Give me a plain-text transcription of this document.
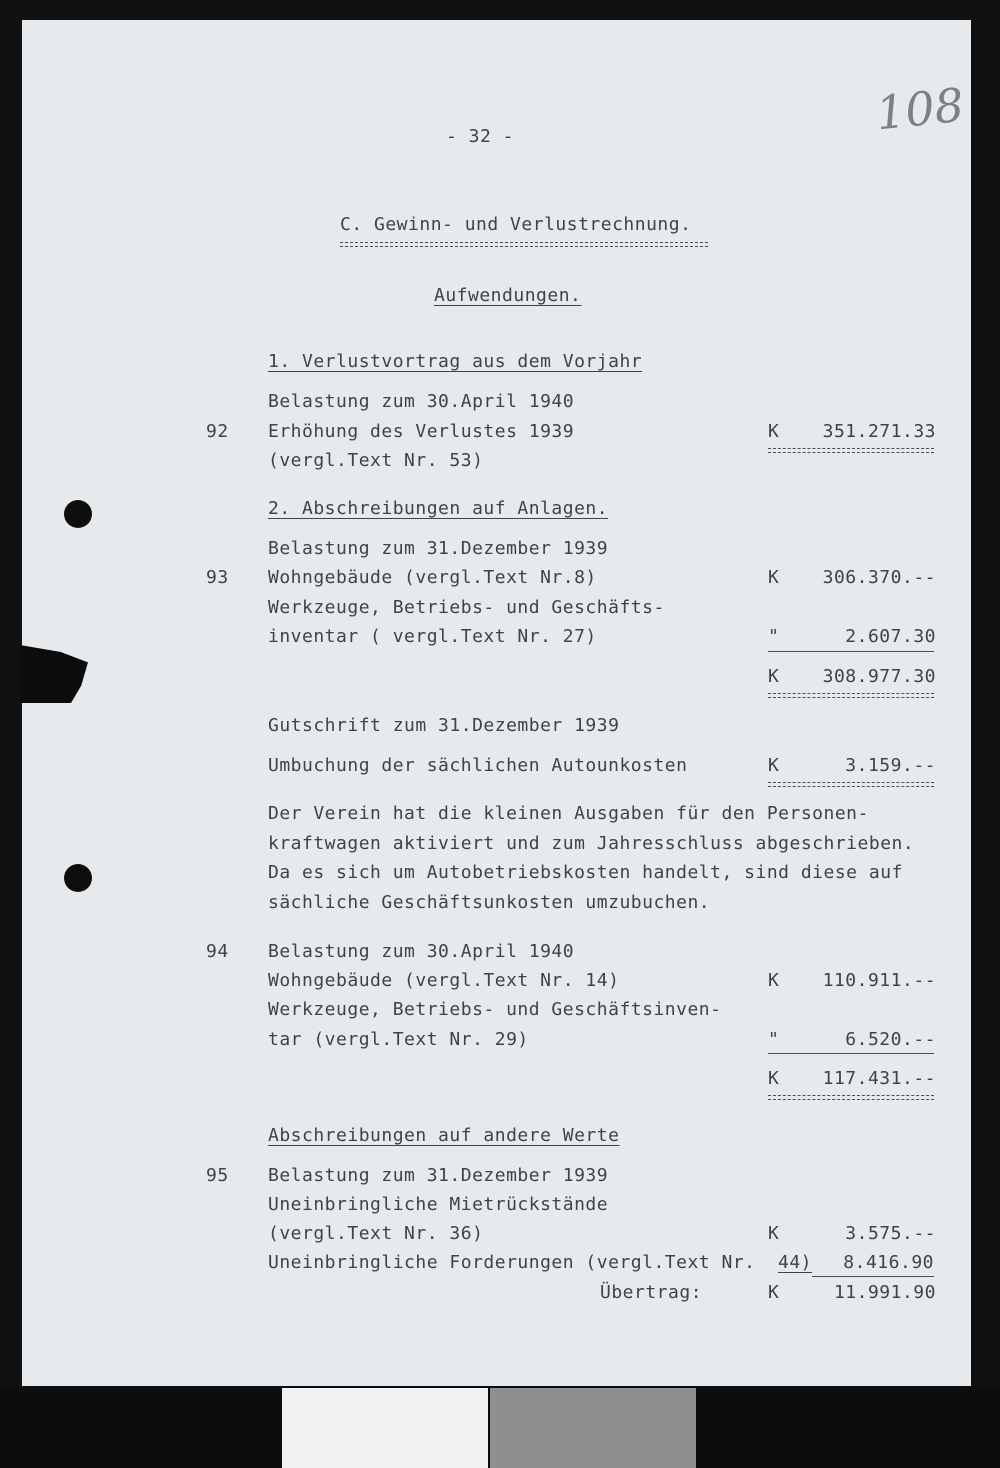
108
- 32 -
C. Gewinn- und Verlustrechnung.
Aufwendungen.
1. Verlustvortrag aus dem Vorjahr
Belastung zum 30.April 1940
92 Erhöhung des Verlustes 1939	K	351.271.33
(vergl.Text Nr. 53)
2. Abschreibungen auf Anlagen.
Belastung zum 31.Dezember 1939
93 Wohngebäude (vergl.Text Nr.8)	K	306.370.--
Werkzeuge, Betriebs- und Geschäfts-
inventar ( vergl.Text Nr. 27)	"	2.607.30
K	308.977.30
Gutschrift zum 31.Dezember 1939
Umbuchung der sächlichen Autounkosten	K	3.159.--
Der Verein hat die kleinen Ausgaben für den Personen-
kraftwagen aktiviert und zum Jahresschluss abgeschrieben.
Da es sich um Autobetriebskosten handelt, sind diese auf
sächliche Geschäftsunkosten umzubuchen.
94 Belastung zum 30.April 1940
Wohngebäude (vergl.Text Nr. 14)	K	110.911.--
Werkzeuge, Betriebs- und Geschäftsinven-
tar (vergl.Text Nr. 29)	"	6.520.--
K	117.431.--
Abschreibungen auf andere Werte
95 Belastung zum 31.Dezember 1939
Uneinbringliche Mietrückstände
(vergl.Text Nr. 36)	K	3.575.--
Uneinbringliche Forderungen (vergl.Text Nr. 44)	8.416.90
Übertrag:	K	11.991.90
